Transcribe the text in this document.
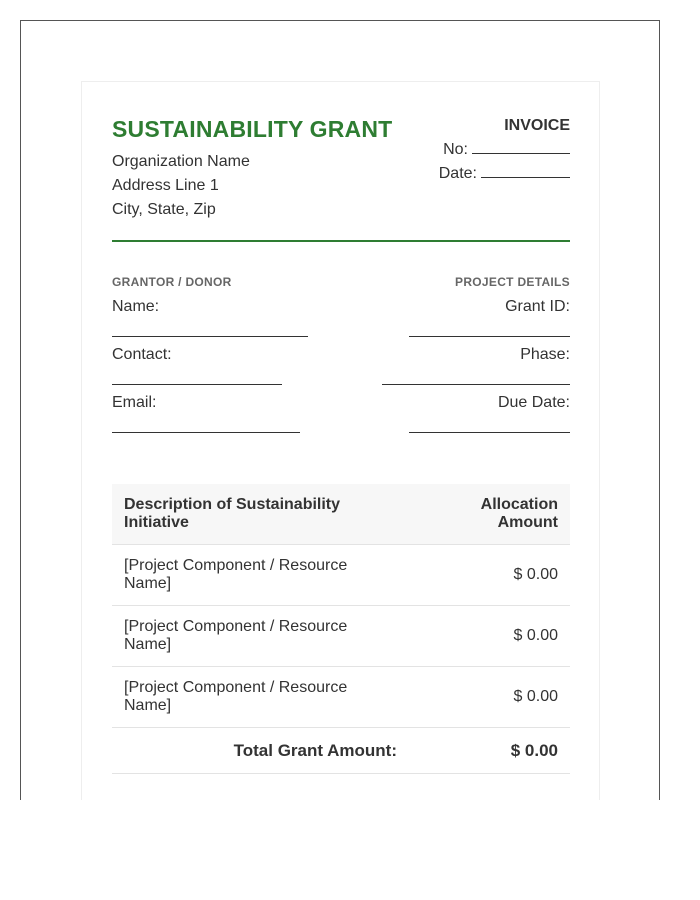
SUSTAINABILITY GRANT
Organization Name
Address Line 1
City, State, Zip
INVOICE
No:
Date:
GRANTOR / DONOR
Name:
Contact:
Email:
PROJECT DETAILS
Grant ID:
Phase:
Due Date:
Description of Sustainability Initiative
Allocation Amount
[Project Component / Resource Name]
$ 0.00
[Project Component / Resource Name]
$ 0.00
[Project Component / Resource Name]
$ 0.00
Total Grant Amount:	$ 0.00
